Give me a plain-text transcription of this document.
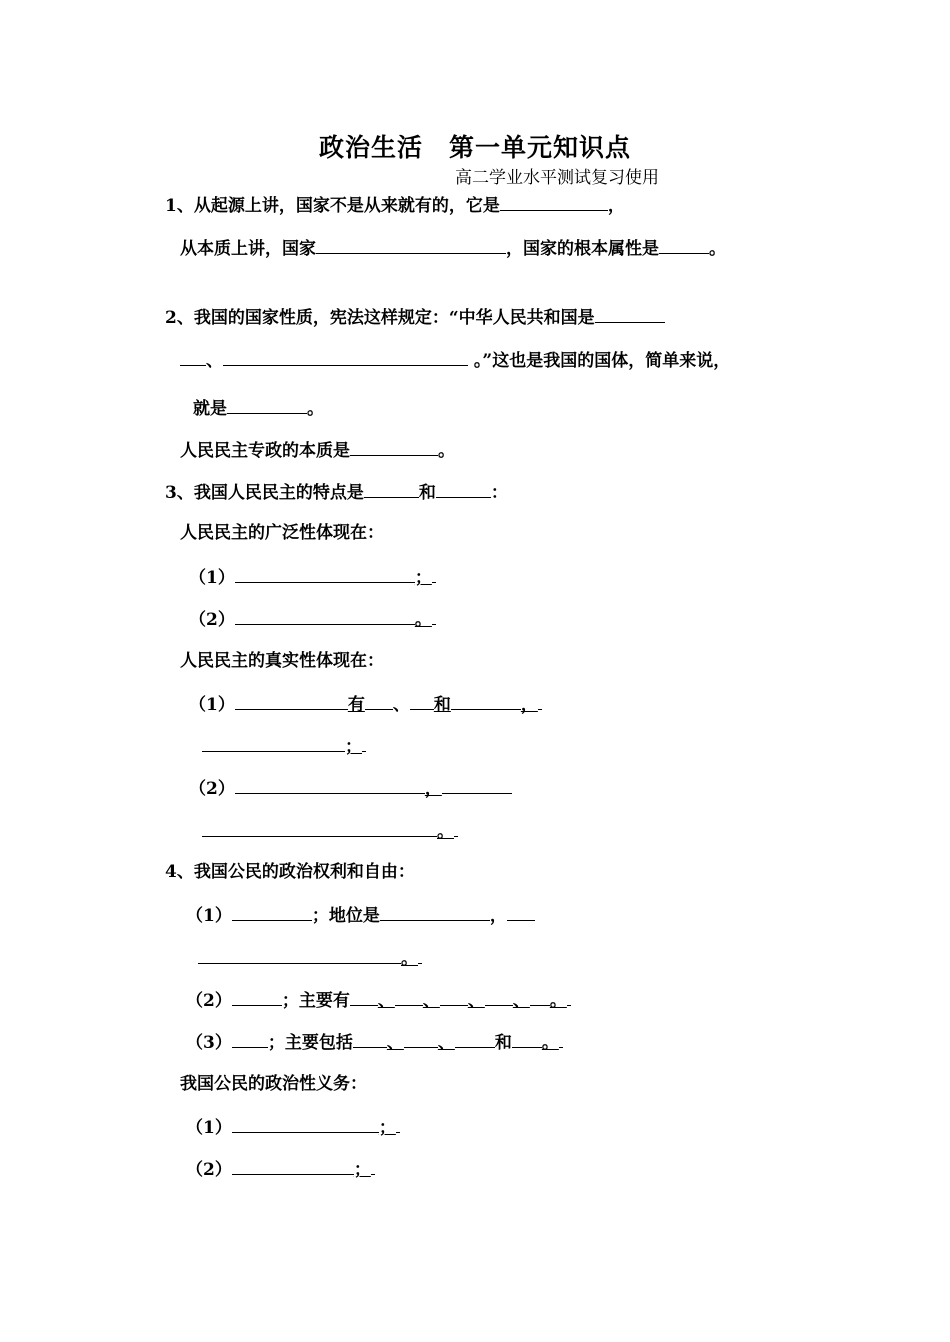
政治生活　第一单元知识点
高二学业水平测试复习使用
1、从起源上讲，国家不是从来就有的，它是	，
从本质上讲，国家	，国家的根本属性是	。
2、我国的国家性质，宪法这样规定：“中华人民共和国是
、	。”这也是我国的国体，简单来说，
就是	。
人民民主专政的本质是	。
3、我国人民民主的特点是	和	：
人民民主的广泛性体现在：
（1）	；
（2）	。
人民民主的真实性体现在：
（1）	有 、 和	，
；
（2）	，
。
4、我国公民的政治权利和自由：
（1）	；地位是	，
。
（2）	；主要有 、 、 、 、 。
（3） ；主要包括 、 、 和 。
我国公民的政治性义务：
（1）	；
（2）	；
